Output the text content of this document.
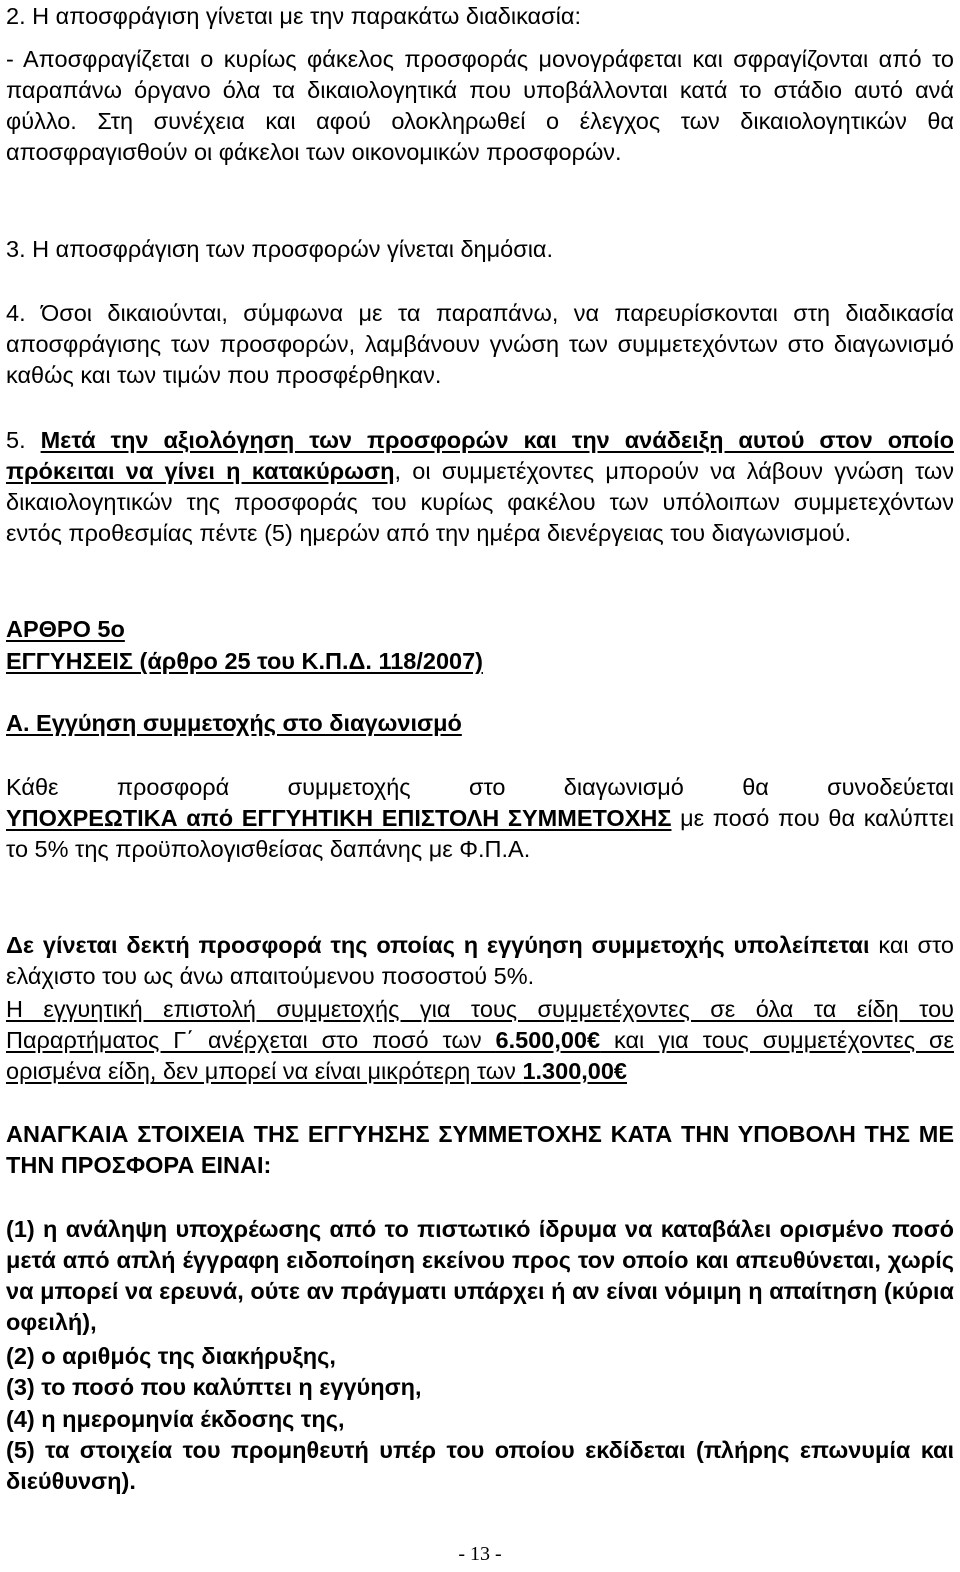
2. Η αποσφράγιση γίνεται με την παρακάτω διαδικασία:

- Αποσφραγίζεται ο κυρίως φάκελος προσφοράς μονογράφεται και σφραγίζονται από το παραπάνω όργανο όλα τα δικαιολογητικά που υποβάλλονται κατά το στάδιο αυτό ανά φύλλο. Στη συνέχεια και αφού ολοκληρωθεί ο έλεγχος των δικαιολογητικών θα αποσφραγισθούν οι φάκελοι των οικονομικών προσφορών.

3. Η αποσφράγιση των προσφορών γίνεται δημόσια.

4. Όσοι δικαιούνται, σύμφωνα με τα παραπάνω, να παρευρίσκονται στη διαδικασία αποσφράγισης των προσφορών, λαμβάνουν γνώση των συμμετεχόντων στο διαγωνισμό καθώς και των τιμών που προσφέρθηκαν.

5. Μετά την αξιολόγηση των προσφορών και την ανάδειξη αυτού στον οποίο πρόκειται να γίνει η κατακύρωση, οι συμμετέχοντες μπορούν να λάβουν γνώση των δικαιολογητικών της προσφοράς του κυρίως φακέλου των υπόλοιπων συμμετεχόντων εντός προθεσμίας πέντε (5) ημερών από την ημέρα διενέργειας του διαγωνισμού.

ΑΡΘΡΟ 5ο

ΕΓΓΥΗΣΕΙΣ (άρθρο 25 του Κ.Π.Δ. 118/2007)

Α. Εγγύηση συμμετοχής στο διαγωνισμό

Κάθε προσφορά συμμετοχής στο διαγωνισμό θα συνοδεύεται

ΥΠΟΧΡΕΩΤΙΚΑ από ΕΓΓΥΗΤΙΚΗ ΕΠΙΣΤΟΛΗ ΣΥΜΜΕΤΟΧΗΣ με ποσό που θα καλύπτει το 5% της προϋπολογισθείσας δαπάνης με Φ.Π.Α.

Δε γίνεται δεκτή προσφορά της οποίας η εγγύηση συμμετοχής υπολείπεται και στο ελάχιστο του ως άνω απαιτούμενου ποσοστού 5%.

Η εγγυητική επιστολή συμμετοχής για τους συμμετέχοντες σε όλα τα είδη του Παραρτήματος Γ΄ ανέρχεται στο ποσό των 6.500,00€ και για τους συμμετέχοντες σε ορισμένα είδη, δεν μπορεί να είναι μικρότερη των 1.300,00€

ΑΝΑΓΚΑΙΑ ΣΤΟΙΧΕΙΑ ΤΗΣ ΕΓΓΥΗΣΗΣ ΣΥΜΜΕΤΟΧΗΣ ΚΑΤΑ ΤΗΝ ΥΠΟΒΟΛΗ ΤΗΣ ΜΕ ΤΗΝ ΠΡΟΣΦΟΡΑ ΕΙΝΑΙ:

(1) η ανάληψη υποχρέωσης από το πιστωτικό ίδρυμα να καταβάλει ορισμένο ποσό μετά από απλή έγγραφη ειδοποίηση εκείνου προς τον οποίο και απευθύνεται, χωρίς να μπορεί να ερευνά, ούτε αν πράγματι υπάρχει ή αν είναι νόμιμη η απαίτηση (κύρια οφειλή),

(2) ο αριθμός της διακήρυξης,

(3) το ποσό που καλύπτει η εγγύηση,

(4) η ημερομηνία έκδοσης της,

(5) τα στοιχεία του προμηθευτή υπέρ του οποίου εκδίδεται (πλήρης επωνυμία και διεύθυνση).

- 13 -
